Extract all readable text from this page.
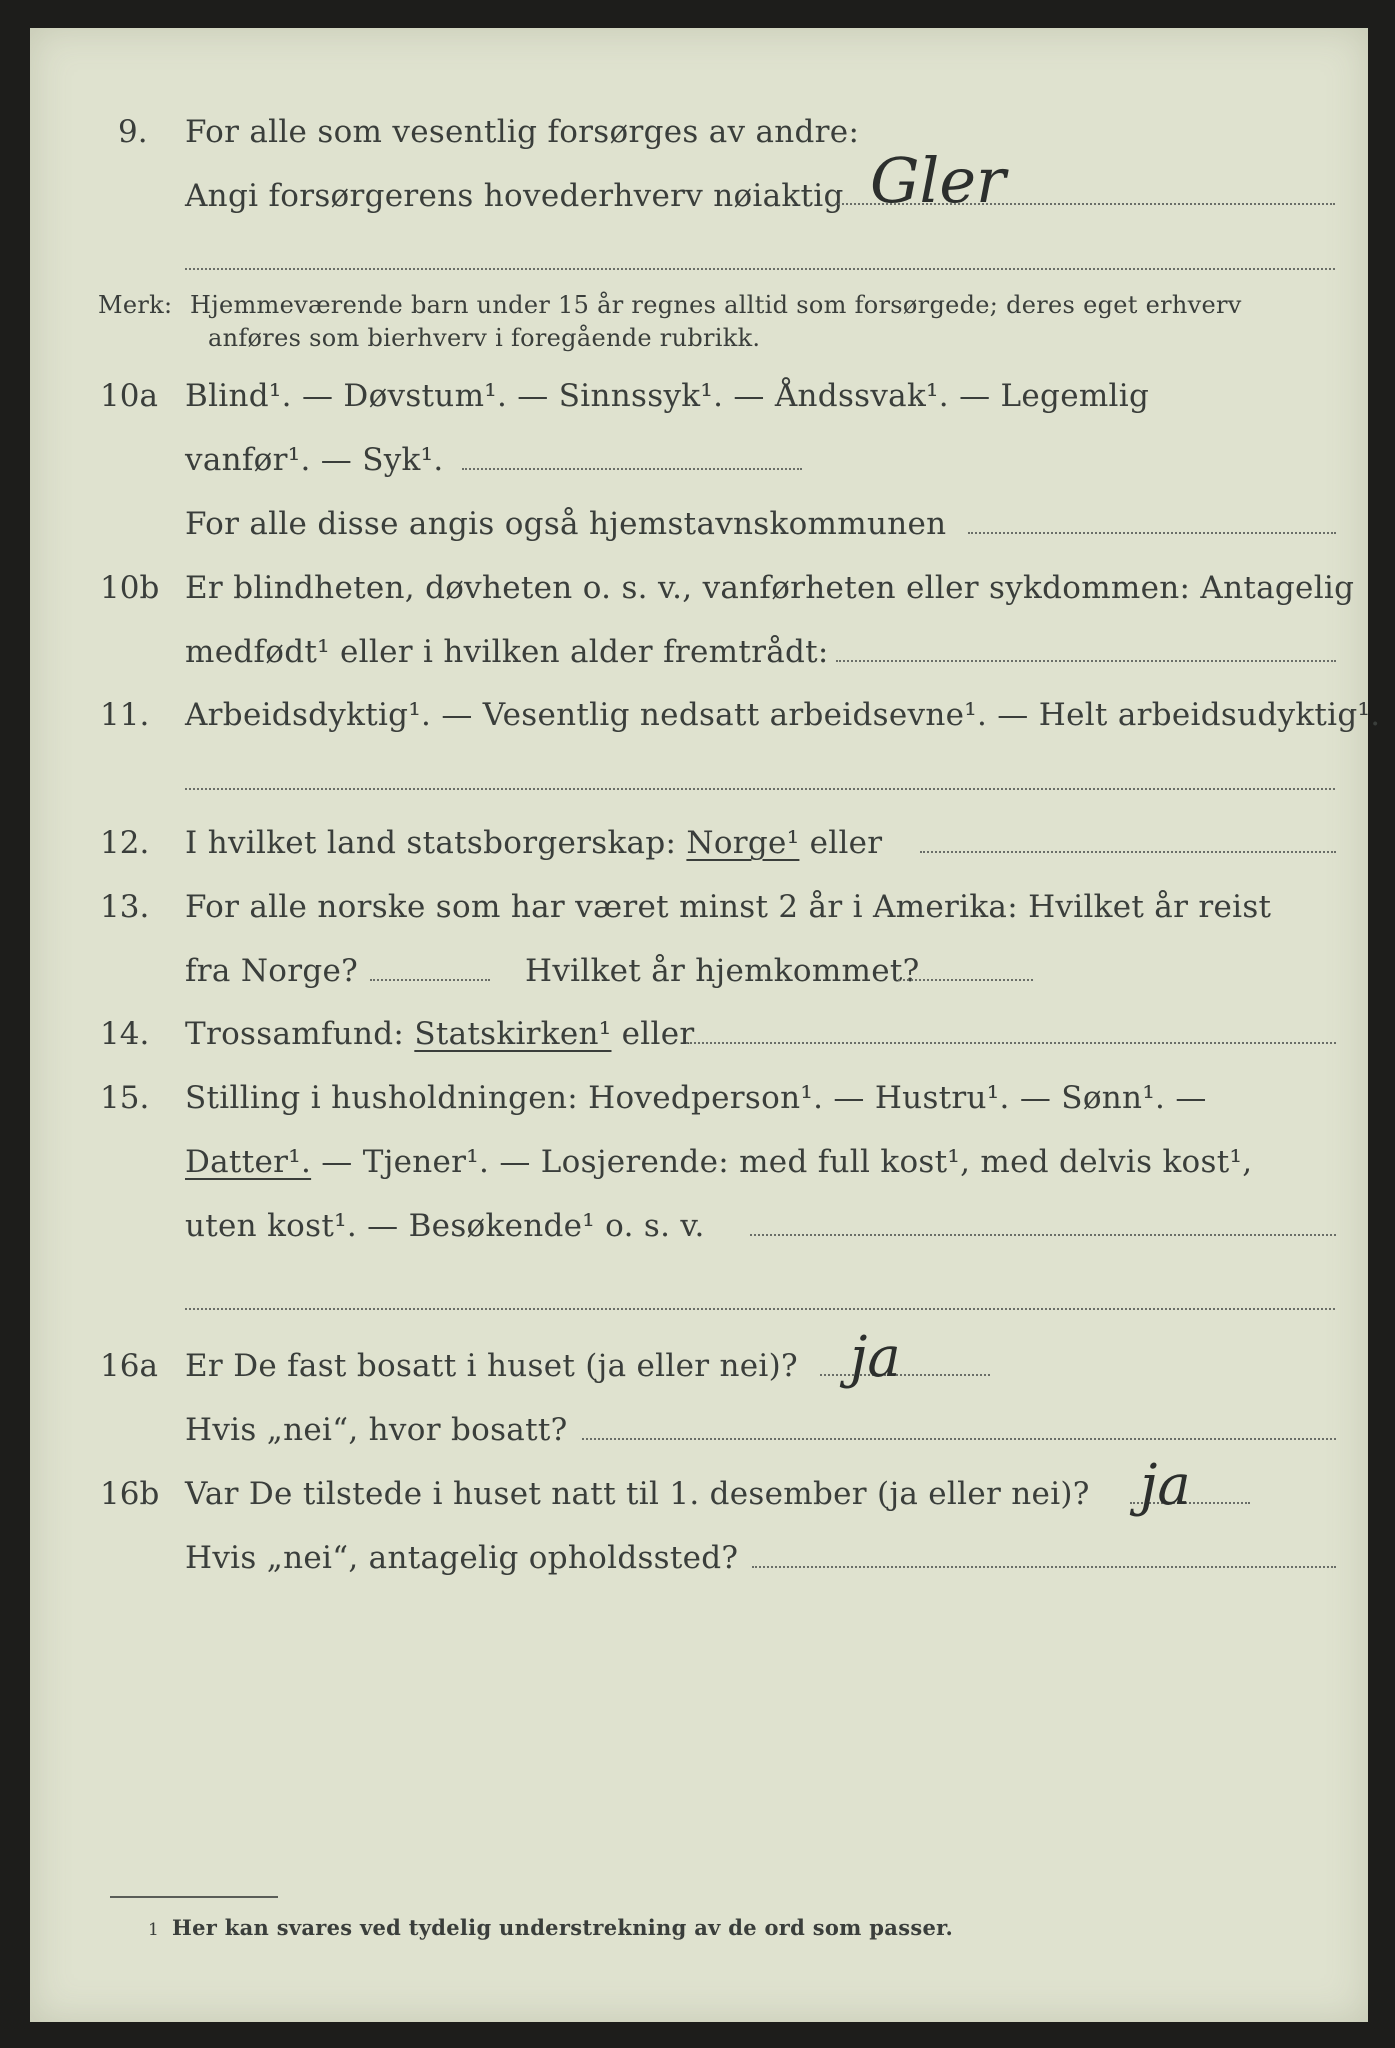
9. For alle som vesentlig forsørges av andre:
Angi forsørgerens hovederhverv nøiaktig Gler
Merk: Hjemmeværende barn under 15 år regnes alltid som forsørgede; deres eget erhverv
anføres som bierhverv i foregående rubrikk.
10a Blind¹. — Døvstum¹. — Sinnssyk¹. — Åndssvak¹. — Legemlig
vanfør¹. — Syk¹.
For alle disse angis også hjemstavnskommunen
10b Er blindheten, døvheten o. s. v., vanførheten eller sykdommen: Antagelig
medfødt¹ eller i hvilken alder fremtrådt:
11. Arbeidsdyktig¹. — Vesentlig nedsatt arbeidsevne¹. — Helt arbeidsudyktig¹.
12. I hvilket land statsborgerskap: Norge¹ eller
13. For alle norske som har været minst 2 år i Amerika: Hvilket år reist
fra Norge?	Hvilket år hjemkommet?
14. Trossamfund: Statskirken¹ eller
15. Stilling i husholdningen: Hovedperson¹. — Hustru¹. — Sønn¹. —
Datter¹. — Tjener¹. — Losjerende: med full kost¹, med delvis kost¹,
uten kost¹. — Besøkende¹ o. s. v.
16a Er De fast bosatt i huset (ja eller nei)? ja
Hvis „nei“, hvor bosatt?
16b Var De tilstede i huset natt til 1. desember (ja eller nei)? ja
Hvis „nei“, antagelig opholdssted?
1 Her kan svares ved tydelig understrekning av de ord som passer.
